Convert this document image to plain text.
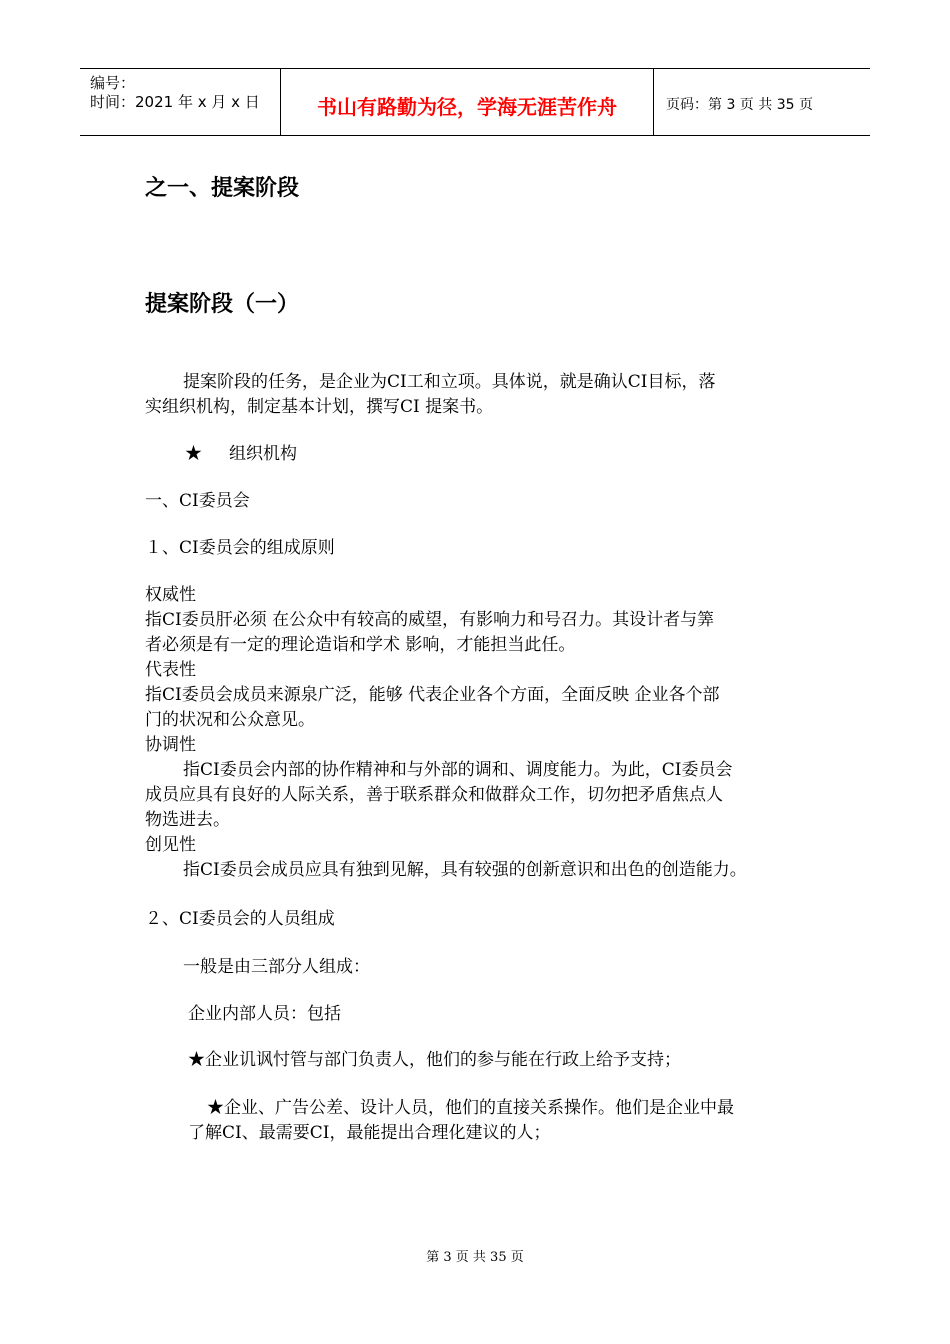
编号：
时间：2021 年 x 月 x 日	书山有路勤为径，学海无涯苦作舟	页码：第 3 页 共 35 页
之一、提案阶段
提案阶段（一）
提案阶段的任务，是企业为CI工和立项。具体说，就是确认CI目标，落
实组织机构，制定基本计划，撰写CI 提案书。
★     组织机构
一、CI委员会
１、CI委员会的组成原则
权威性
指CI委员肝必须 在公众中有较高的威望，有影响力和号召力。其设计者与筭
者必须是有一定的理论造诣和学术 影响，才能担当此任。
代表性
指CI委员会成员来源泉广泛，能够 代表企业各个方面，全面反映 企业各个部
门的状况和公众意见。
协调性
指CI委员会内部的协作精神和与外部的调和、调度能力。为此，CI委员会
成员应具有良好的人际关系，善于联系群众和做群众工作，切勿把矛盾焦点人
物选进去。
创见性
指CI委员会成员应具有独到见解，具有较强的创新意识和出色的创造能力。
２、CI委员会的人员组成
一般是由三部分人组成：
企业内部人员：包括
★企业讥讽忖管与部门负责人，他们的参与能在行政上给予支持；
★企业、广告公差、设计人员，他们的直接关系操作。他们是企业中最
了解CI、最需要CI，最能提出合理化建议的人；
第 3 页 共 35 页
